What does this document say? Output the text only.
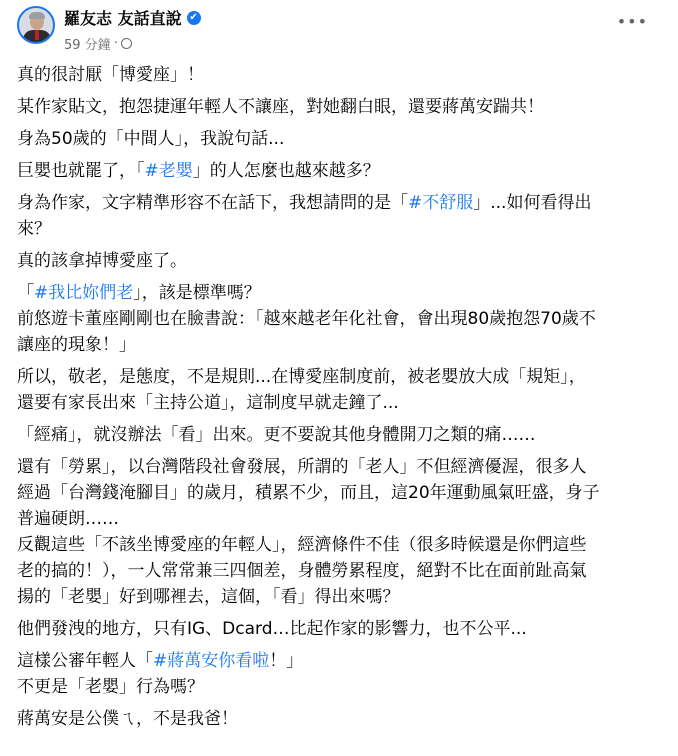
羅友志 友話直說 ✔
59 分鐘 ·
•••
真的很討厭「博愛座」！
某作家貼文，抱怨捷運年輕人不讓座，對她翻白眼，還要蔣萬安踹共！
身為50歲的「中間人」，我說句話...
巨嬰也就罷了，「#老嬰」的人怎麼也越來越多？
身為作家，文字精準形容不在話下，我想請問的是「#不舒服」...如何看得出
來？
真的該拿掉博愛座了。
「#我比妳們老」，該是標準嗎？
前悠遊卡董座剛剛也在臉書說：「越來越老年化社會，會出現80歲抱怨70歲不
讓座的現象！」
所以，敬老，是態度，不是規則...在博愛座制度前，被老嬰放大成「規矩」，
還要有家長出來「主持公道」，這制度早就走鐘了...
「經痛」，就沒辦法「看」出來。更不要說其他身體開刀之類的痛……
還有「勞累」，以台灣階段社會發展，所謂的「老人」不但經濟優渥，很多人
經過「台灣錢淹腳目」的歲月，積累不少，而且，這20年運動風氣旺盛，身子
普遍硬朗……
反觀這些「不該坐博愛座的年輕人」，經濟條件不佳（很多時候還是你們這些
老的搞的！），一人常常兼三四個差，身體勞累程度，絕對不比在面前趾高氣
揚的「老嬰」好到哪裡去，這個，「看」得出來嗎？
他們發洩的地方，只有IG、Dcard…比起作家的影響力，也不公平...
這樣公審年輕人「#蔣萬安你看啦！」
不更是「老嬰」行為嗎？
蔣萬安是公僕ㄟ，不是我爸！
